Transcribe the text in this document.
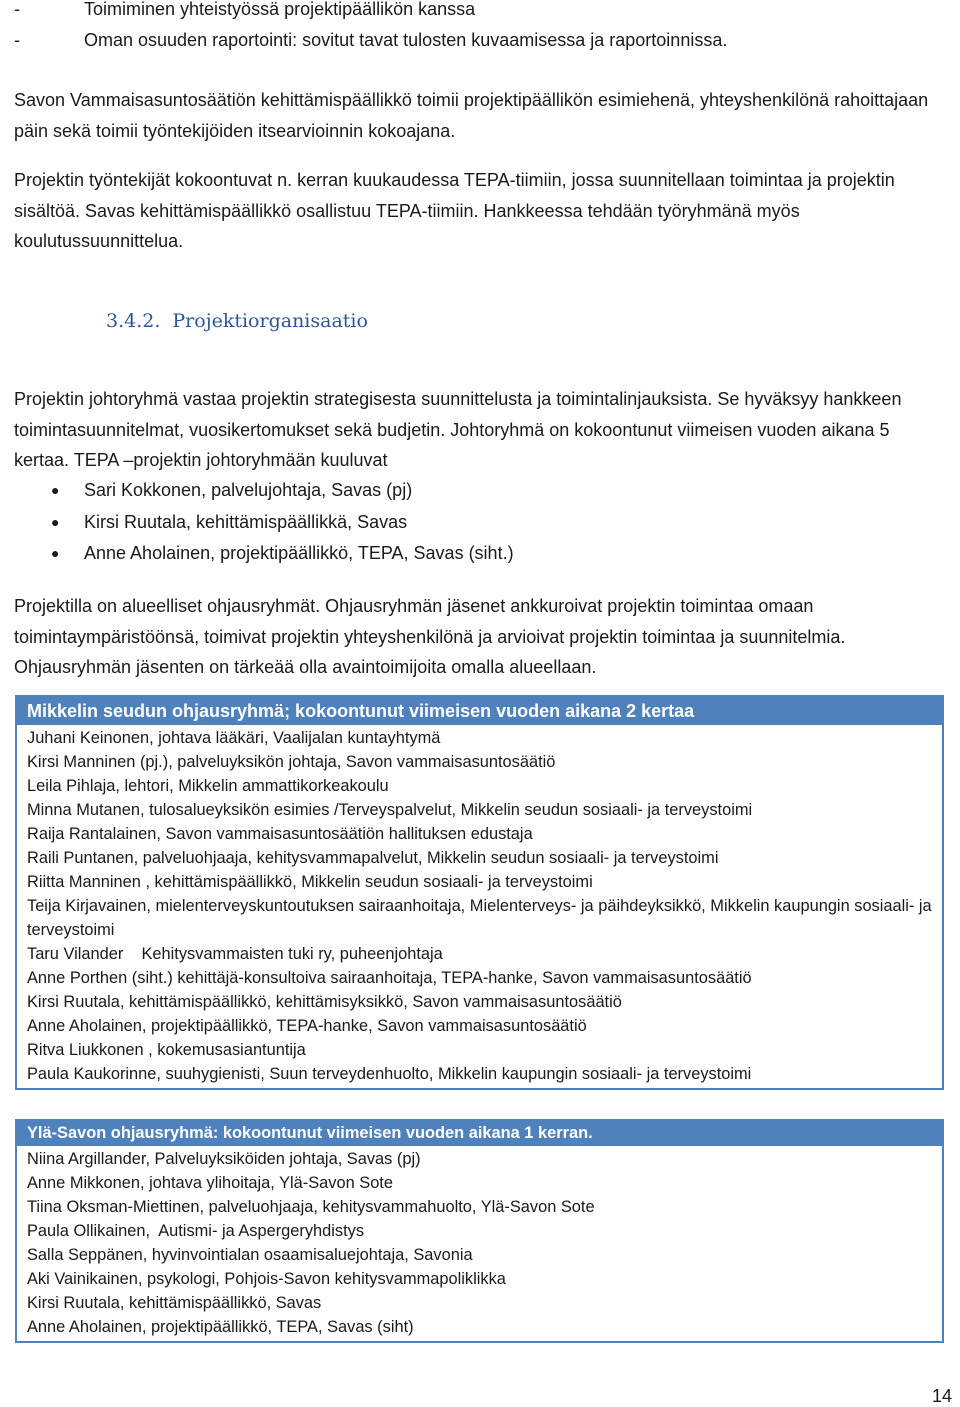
-	Toimiminen yhteistyössä projektipäällikön kanssa
-	Oman osuuden raportointi: sovitut tavat tulosten kuvaamisessa ja raportoinnissa.

Savon Vammaisasuntosäätiön kehittämispäällikkö toimii projektipäällikön esimiehenä, yhteyshenkilönä rahoittajaan päin sekä toimii työntekijöiden itsearvioinnin kokoajana.

Projektin työntekijät kokoontuvat n. kerran kuukaudessa TEPA-tiimiin, jossa suunnitellaan toimintaa ja projektin sisältöä. Savas kehittämispäällikkö osallistuu TEPA-tiimiin. Hankkeessa tehdään työryhmänä myös koulutussuunnittelua.

3.4.2. Projektiorganisaatio

Projektin johtoryhmä vastaa projektin strategisesta suunnittelusta ja toimintalinjauksista. Se hyväksyy hankkeen toimintasuunnitelmat, vuosikertomukset sekä budjetin. Johtoryhmä on kokoontunut viimeisen vuoden aikana 5 kertaa. TEPA –projektin johtoryhmään kuuluvat

●	Sari Kokkonen, palvelujohtaja, Savas (pj)
●	Kirsi Ruutala, kehittämispäällikkä, Savas
●	Anne Aholainen, projektipäällikkö, TEPA, Savas (siht.)

Projektilla on alueelliset ohjausryhmät. Ohjausryhmän jäsenet ankkuroivat projektin toimintaa omaan toimintaympäristöönsä, toimivat projektin yhteyshenkilönä ja arvioivat projektin toimintaa ja suunnitelmia. Ohjausryhmän jäsenten on tärkeää olla avaintoimijoita omalla alueellaan.

Mikkelin seudun ohjausryhmä; kokoontunut viimeisen vuoden aikana 2 kertaa
Juhani Keinonen, johtava lääkäri, Vaalijalan kuntayhtymä
Kirsi Manninen (pj.), palveluyksikön johtaja, Savon vammaisasuntosäätiö
Leila Pihlaja, lehtori, Mikkelin ammattikorkeakoulu
Minna Mutanen, tulosalueyksikön esimies /Terveyspalvelut, Mikkelin seudun sosiaali- ja terveystoimi
Raija Rantalainen, Savon vammaisasuntosäätiön hallituksen edustaja
Raili Puntanen, palveluohjaaja, kehitysvammapalvelut, Mikkelin seudun sosiaali- ja terveystoimi
Riitta Manninen , kehittämispäällikkö, Mikkelin seudun sosiaali- ja terveystoimi
Teija Kirjavainen, mielenterveyskuntoutuksen sairaanhoitaja, Mielenterveys- ja päihdeyksikkö, Mikkelin kaupungin sosiaali- ja terveystoimi
Taru Vilander    Kehitysvammaisten tuki ry, puheenjohtaja
Anne Porthen (siht.) kehittäjä-konsultoiva sairaanhoitaja, TEPA-hanke, Savon vammaisasuntosäätiö
Kirsi Ruutala, kehittämispäällikkö, kehittämisyksikkö, Savon vammaisasuntosäätiö
Anne Aholainen, projektipäällikkö, TEPA-hanke, Savon vammaisasuntosäätiö
Ritva Liukkonen , kokemusasiantuntija
Paula Kaukorinne, suuhygienisti, Suun terveydenhuolto, Mikkelin kaupungin sosiaali- ja terveystoimi
Ylä-Savon ohjausryhmä: kokoontunut viimeisen vuoden aikana 1 kerran.
Niina Argillander, Palveluyksiköiden johtaja, Savas (pj)
Anne Mikkonen, johtava ylihoitaja, Ylä-Savon Sote
Tiina Oksman-Miettinen, palveluohjaaja, kehitysvammahuolto, Ylä-Savon Sote
Paula Ollikainen,  Autismi- ja Aspergeryhdistys
Salla Seppänen, hyvinvointialan osaamisaluejohtaja, Savonia
Aki Vainikainen, psykologi, Pohjois-Savon kehitysvammapoliklikka
Kirsi Ruutala, kehittämispäällikkö, Savas
Anne Aholainen, projektipäällikkö, TEPA, Savas (siht)
14
